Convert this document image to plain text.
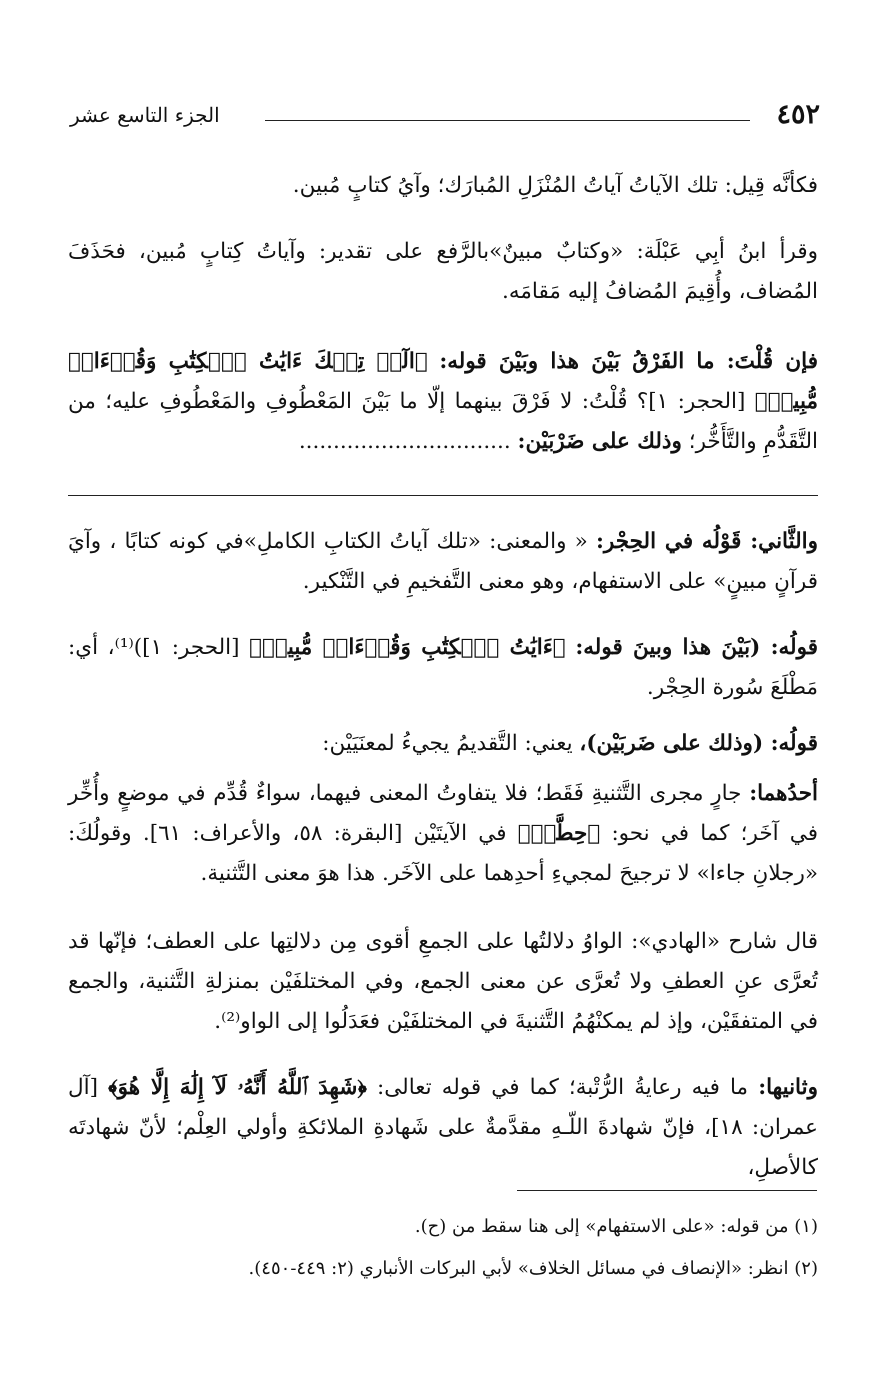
٤٥٢
الجزء التاسع عشر

فكأنَّه قِيل: تلك الآياتُ آياتُ المُنْزَلِ المُبارَك؛ وآيُ كتابٍ مُبين.

وقرأ ابنُ أبِي عَبْلَة: «وكتابٌ مبينٌ»بالرَّفع على تقدير: وآياتُ كِتابٍ مُبين، فحَذَفَ المُضاف، وأُقِيمَ المُضافُ إليه مَقامَه.

فإن قُلْتَ: ما الفَرْقُ بَيْنَ هذا وبَيْنَ قوله: ﴿الٓرۚ تِلۡكَ ءَايَٰتُ ٱلۡكِتَٰبِ وَقُرۡءَانٖ مُّبِينٖ﴾ [الحجر: ١]؟ قُلْتُ: لا فَرْقَ بينهما إلّا ما بَيْنَ المَعْطُوفِ والمَعْطُوفِ عليه؛ من التَّقَدُّمِ والتَّأَخُّر؛ وذلك على ضَرْبَيْن: ...............................

والثَّاني: قَوْلُه في الحِجْر: « والمعنى: «تلك آياتُ الكتابِ الكاملِ»في كونه كتابًا ، وآيَ قرآنٍ مبينٍ» على الاستفهام، وهو معنى التَّفخيمِ في التَّنْكير.

قولُه: (بَيْنَ هذا وبينَ قوله: ﴿ءَايَٰتُ ٱلۡكِتَٰبِ وَقُرۡءَانٖ مُّبِينٖ﴾ [الحجر: ١])⁽¹⁾، أي: مَطْلَعَ سُورة الحِجْر.

قولُه: (وذلك على ضَربَيْن)، يعني: التَّقديمُ يجيءُ لمعنَيَيْن:

أحدُهما: جارٍ مجرى التَّثنيةِ فَقَط؛ فلا يتفاوتُ المعنى فيهما، سواءٌ قُدِّم في موضعٍ وأُخِّر في آخَر؛ كما في نحو: ﴿حِطَّةٞ﴾ في الآيتَيْن [البقرة: ٥٨، والأعراف: ٦١]. وقولُكَ: «رجلانِ جاءا» لا ترجيحَ لمجيءِ أحدِهما على الآخَر. هذا هوَ معنى التَّثنية.

قال شارح «الهادي»: الواوُ دلالتُها على الجمعِ أقوى مِن دلالتِها على العطف؛ فإنّها قد تُعرَّى عنِ العطفِ ولا تُعرَّى عن معنى الجمع، وفي المختلفَيْن بمنزلةِ التَّثنية، والجمع في المتفقَيْن، وإذ لم يمكنْهُمُ التَّثنيةَ في المختلفَيْن فعَدَلُوا إلى الواو⁽²⁾.

وثانيها: ما فيه رعايةُ الرُّتْبة؛ كما في قوله تعالى: ﴿شَهِدَ ٱللَّهُ أَنَّهُۥ لَآ إِلَٰهَ إِلَّا هُوَ﴾ [آل عمران: ١٨]، فإنّ شهادةَ اللّـهِ مقدَّمةٌ على شَهادةِ الملائكةِ وأولي العِلْم؛ لأنّ شهادتَه كالأصلِ،

(١) من قوله: «على الاستفهام» إلى هنا سقط من (ح).

(٢) انظر: «الإنصاف في مسائل الخلاف» لأبي البركات الأنباري (٢: ٤٤٩-٤٥٠).
